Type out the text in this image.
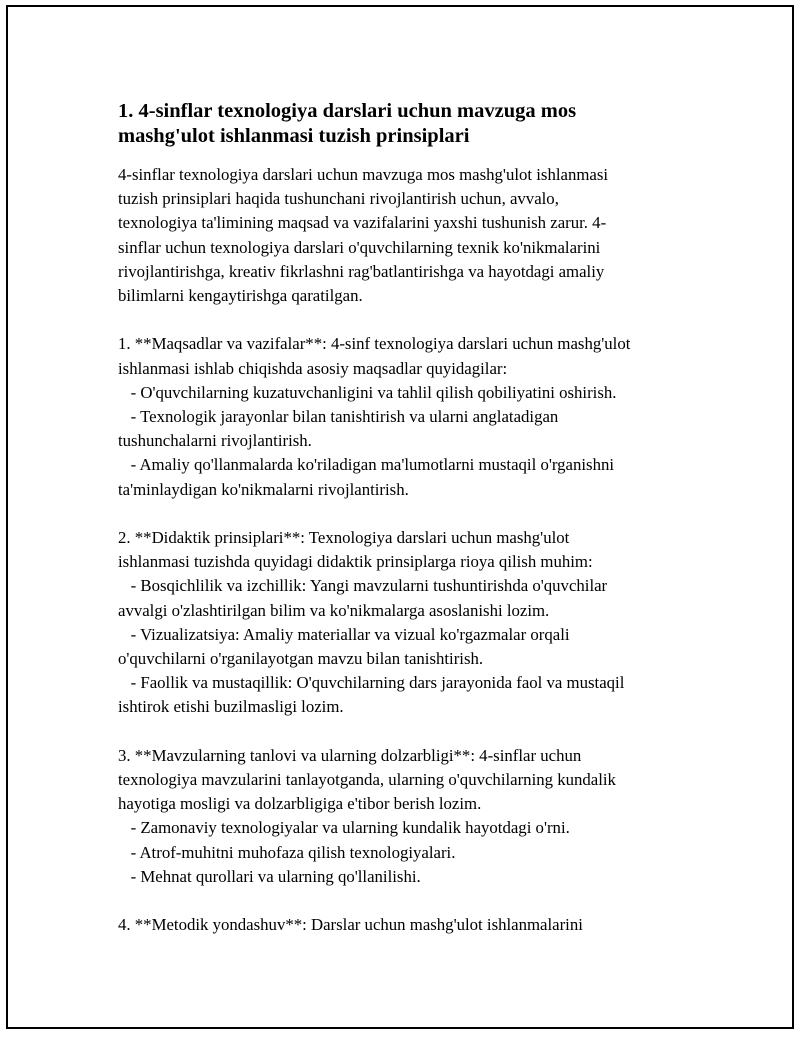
1. 4-sinflar texnologiya darslari uchun mavzuga mos
mashg'ulot ishlanmasi tuzish prinsiplari

4-sinflar texnologiya darslari uchun mavzuga mos mashg'ulot ishlanmasi
tuzish prinsiplari haqida tushunchani rivojlantirish uchun, avvalo,
texnologiya ta'limining maqsad va vazifalarini yaxshi tushunish zarur. 4-
sinflar uchun texnologiya darslari o'quvchilarning texnik ko'nikmalarini
rivojlantirishga, kreativ fikrlashni rag'batlantirishga va hayotdagi amaliy
bilimlarni kengaytirishga qaratilgan.

1. **Maqsadlar va vazifalar**: 4-sinf texnologiya darslari uchun mashg'ulot
ishlanmasi ishlab chiqishda asosiy maqsadlar quyidagilar:
- O'quvchilarning kuzatuvchanligini va tahlil qilish qobiliyatini oshirish.
- Texnologik jarayonlar bilan tanishtirish va ularni anglatadigan
tushunchalarni rivojlantirish.
- Amaliy qo'llanmalarda ko'riladigan ma'lumotlarni mustaqil o'rganishni
ta'minlaydigan ko'nikmalarni rivojlantirish.

2. **Didaktik prinsiplari**: Texnologiya darslari uchun mashg'ulot
ishlanmasi tuzishda quyidagi didaktik prinsiplarga rioya qilish muhim:
- Bosqichlilik va izchillik: Yangi mavzularni tushuntirishda o'quvchilar
avvalgi o'zlashtirilgan bilim va ko'nikmalarga asoslanishi lozim.
- Vizualizatsiya: Amaliy materiallar va vizual ko'rgazmalar orqali
o'quvchilarni o'rganilayotgan mavzu bilan tanishtirish.
- Faollik va mustaqillik: O'quvchilarning dars jarayonida faol va mustaqil
ishtirok etishi buzilmasligi lozim.

3. **Mavzularning tanlovi va ularning dolzarbligi**: 4-sinflar uchun
texnologiya mavzularini tanlayotganda, ularning o'quvchilarning kundalik
hayotiga mosligi va dolzarbligiga e'tibor berish lozim.
- Zamonaviy texnologiyalar va ularning kundalik hayotdagi o'rni.
- Atrof-muhitni muhofaza qilish texnologiyalari.
- Mehnat qurollari va ularning qo'llanilishi.

4. **Metodik yondashuv**: Darslar uchun mashg'ulot ishlanmalarini
